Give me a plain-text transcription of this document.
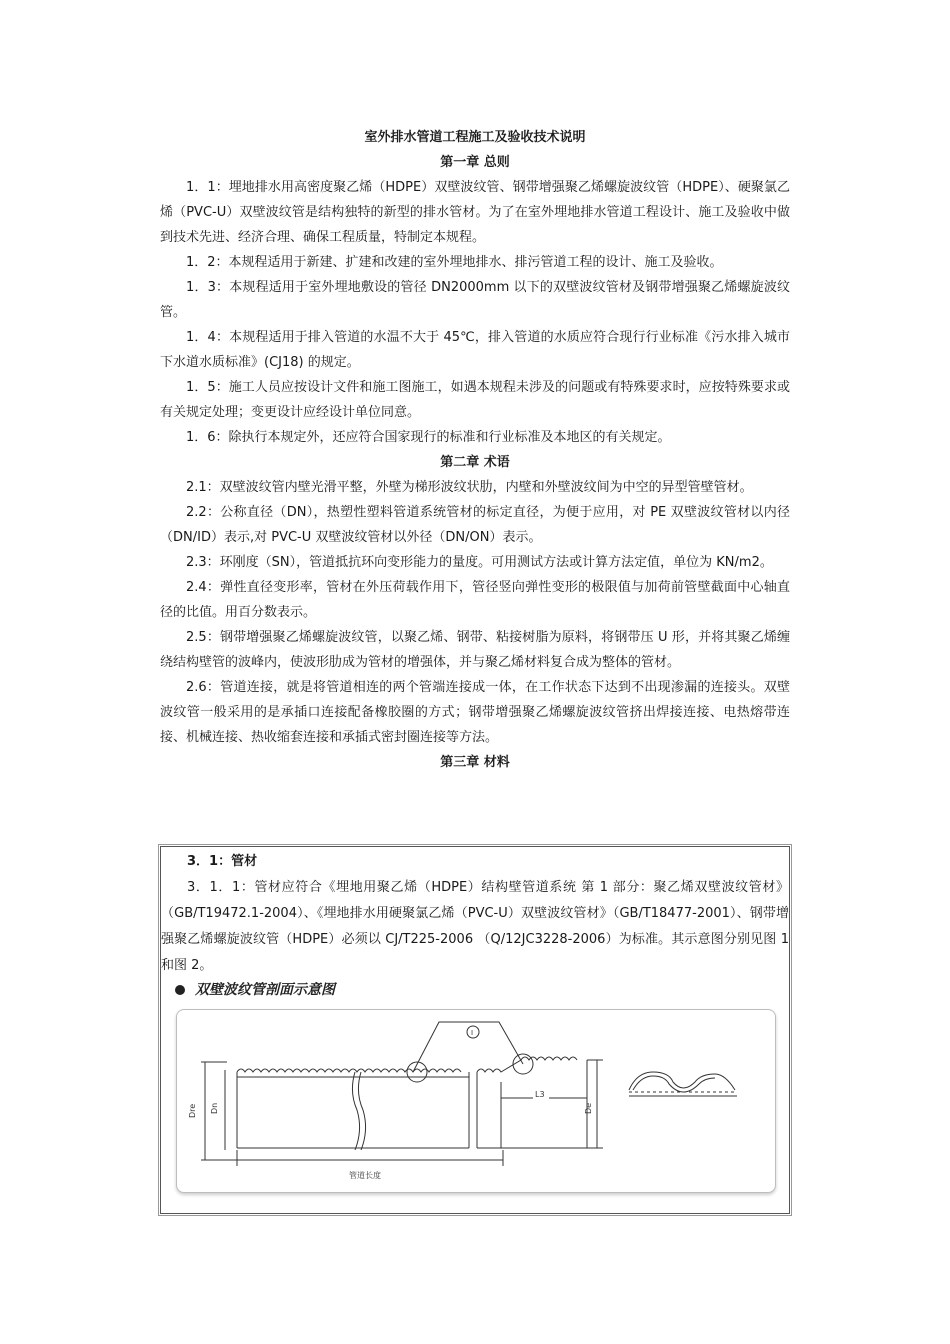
室外排水管道工程施工及验收技术说明
第一章 总则

1．1：埋地排水用高密度聚乙烯（HDPE）双壁波纹管、钢带增强聚乙烯螺旋波纹管（HDPE）、硬聚氯乙烯（PVC-U）双壁波纹管是结构独特的新型的排水管材。为了在室外埋地排水管道工程设计、施工及验收中做到技术先进、经济合理、确保工程质量，特制定本规程。

1．2：本规程适用于新建、扩建和改建的室外埋地排水、排污管道工程的设计、施工及验收。

1．3：本规程适用于室外埋地敷设的管径 DN2000mm 以下的双壁波纹管材及钢带增强聚乙烯螺旋波纹管。

1．4：本规程适用于排入管道的水温不大于 45℃，排入管道的水质应符合现行行业标准《污水排入城市下水道水质标准》(CJ18) 的规定。

1．5：施工人员应按设计文件和施工图施工，如遇本规程未涉及的问题或有特殊要求时，应按特殊要求或有关规定处理；变更设计应经设计单位同意。

1．6：除执行本规定外，还应符合国家现行的标准和行业标准及本地区的有关规定。

第二章 术语

2.1：双壁波纹管内壁光滑平整，外壁为梯形波纹状肋，内壁和外壁波纹间为中空的异型管壁管材。

2.2：公称直径（DN），热塑性塑料管道系统管材的标定直径，为便于应用，对 PE 双壁波纹管材以内径（DN/ID）表示,对 PVC-U 双壁波纹管材以外径（DN/ON）表示。

2.3：环刚度（SN），管道抵抗环向变形能力的量度。可用测试方法或计算方法定值，单位为 KN/m2。

2.4：弹性直径变形率，管材在外压荷载作用下，管径竖向弹性变形的极限值与加荷前管壁截面中心轴直径的比值。用百分数表示。

2.5：钢带增强聚乙烯螺旋波纹管，以聚乙烯、钢带、粘接树脂为原料，将钢带压 U 形，并将其聚乙烯缠绕结构壁管的波峰内，使波形肋成为管材的增强体，并与聚乙烯材料复合成为整体的管材。

2.6：管道连接，就是将管道相连的两个管端连接成一体，在工作状态下达到不出现渗漏的连接头。双壁波纹管一般采用的是承插口连接配备橡胶圈的方式；钢带增强聚乙烯螺旋波纹管挤出焊接连接、电热熔带连接、机械连接、热收缩套连接和承插式密封圈连接等方法。

第三章 材料

3．1：管材

3．1．1：管材应符合《埋地用聚乙烯（HDPE）结构壁管道系统 第 1 部分：聚乙烯双壁波纹管材》（GB/T19472.1-2004）、《埋地排水用硬聚氯乙烯（PVC-U）双壁波纹管材》（GB/T18477-2001）、钢带增强聚乙烯螺旋波纹管（HDPE）必须以 CJ/T225-2006 （Q/12JC3228-2006）为标准。其示意图分别见图 1 和图 2。

双壁波纹管剖面示意图
Dre Dn	De
L3
管道长度
I
